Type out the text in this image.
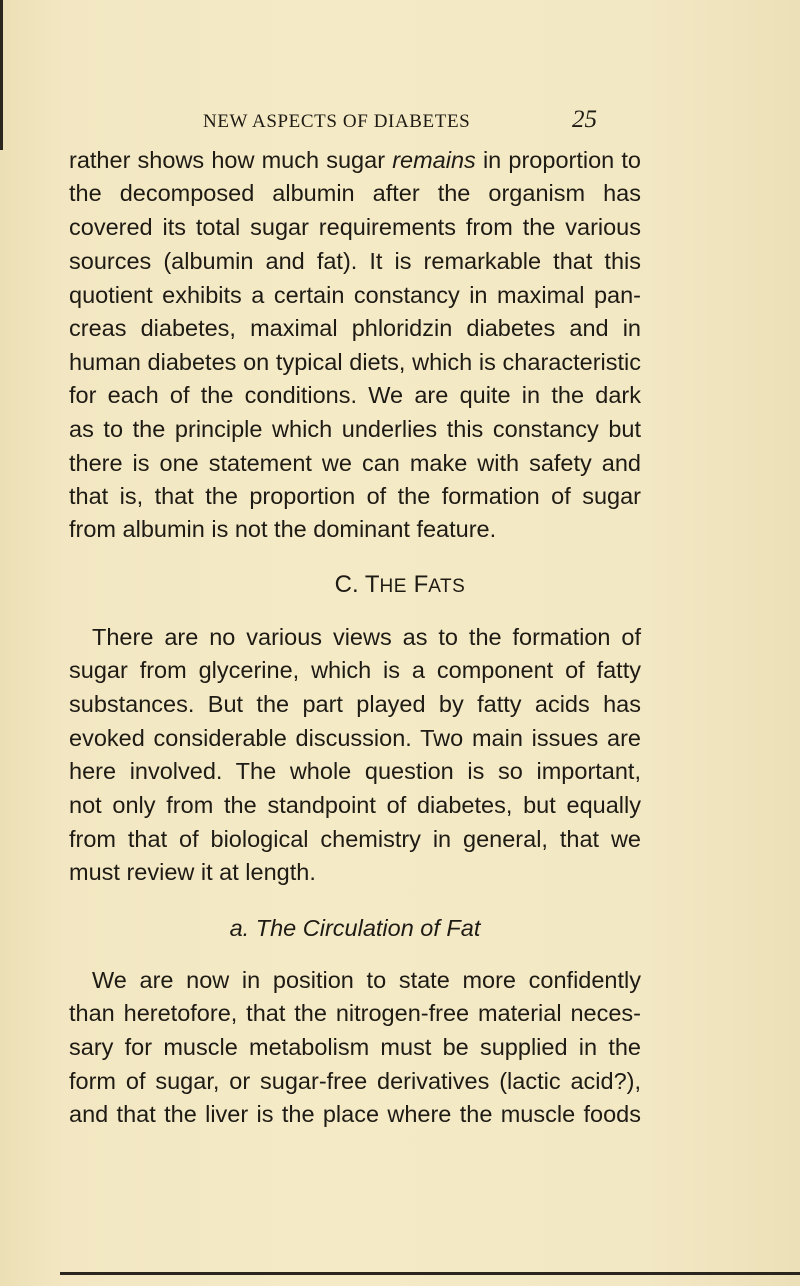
NEW ASPECTS OF DIABETES	25
rather shows how much sugar remains in proportion to
the decomposed albumin after the organism has
covered its total sugar requirements from the various
sources (albumin and fat). It is remarkable that this
quotient exhibits a certain constancy in maximal pan-
creas diabetes, maximal phloridzin diabetes and in
human diabetes on typical diets, which is characteristic
for each of the conditions. We are quite in the dark
as to the principle which underlies this constancy but
there is one statement we can make with safety and
that is, that the proportion of the formation of sugar
from albumin is not the dominant feature.
C. THE FATS
There are no various views as to the formation of
sugar from glycerine, which is a component of fatty
substances. But the part played by fatty acids has
evoked considerable discussion. Two main issues are
here involved. The whole question is so important,
not only from the standpoint of diabetes, but equally
from that of biological chemistry in general, that we
must review it at length.
a. The Circulation of Fat
We are now in position to state more confidently
than heretofore, that the nitrogen-free material neces-
sary for muscle metabolism must be supplied in the
form of sugar, or sugar-free derivatives (lactic acid?),
and that the liver is the place where the muscle foods
